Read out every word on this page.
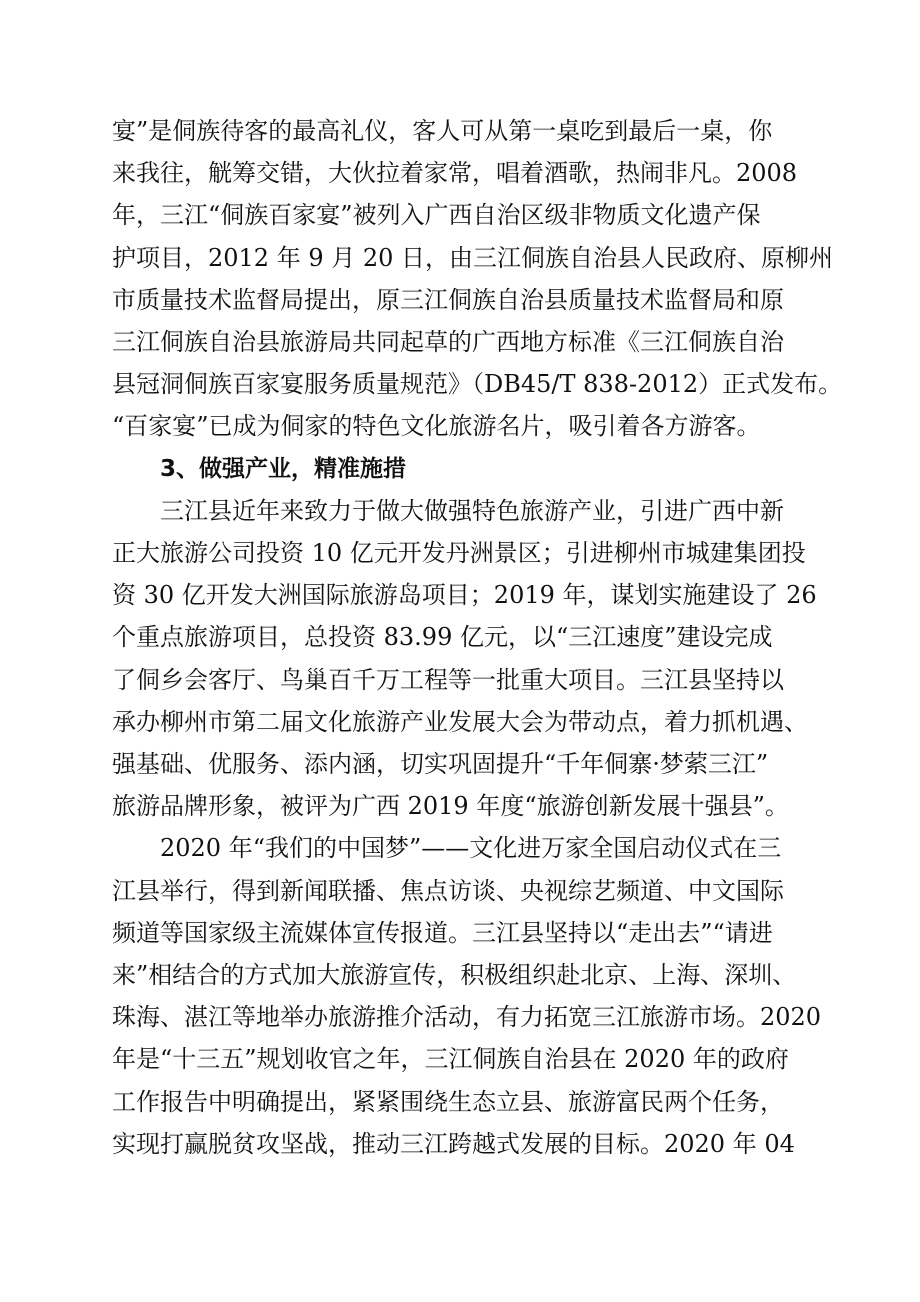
宴”是侗族待客的最高礼仪，客人可从第一桌吃到最后一桌，你

来我往，觥筹交错，大伙拉着家常，唱着酒歌，热闹非凡。2008

年，三江“侗族百家宴”被列入广西自治区级非物质文化遗产保

护项目，2012 年 9 月 20 日，由三江侗族自治县人民政府、原柳州

市质量技术监督局提出，原三江侗族自治县质量技术监督局和原

三江侗族自治县旅游局共同起草的广西地方标准《三江侗族自治

县冠洞侗族百家宴服务质量规范》（DB45/T 838-2012）正式发布。

“百家宴”已成为侗家的特色文化旅游名片，吸引着各方游客。

3、做强产业，精准施措

三江县近年来致力于做大做强特色旅游产业，引进广西中新

正大旅游公司投资 10 亿元开发丹洲景区；引进柳州市城建集团投

资 30 亿开发大洲国际旅游岛项目；2019 年，谋划实施建设了 26

个重点旅游项目，总投资 83.99 亿元，以“三江速度”建设完成

了侗乡会客厅、鸟巢百千万工程等一批重大项目。三江县坚持以

承办柳州市第二届文化旅游产业发展大会为带动点，着力抓机遇、

强基础、优服务、添内涵，切实巩固提升“千年侗寨·梦萦三江”

旅游品牌形象，被评为广西 2019 年度“旅游创新发展十强县”。

2020 年“我们的中国梦”——文化进万家全国启动仪式在三

江县举行，得到新闻联播、焦点访谈、央视综艺频道、中文国际

频道等国家级主流媒体宣传报道。三江县坚持以“走出去”“请进

来”相结合的方式加大旅游宣传，积极组织赴北京、上海、深圳、

珠海、湛江等地举办旅游推介活动，有力拓宽三江旅游市场。2020

年是“十三五”规划收官之年，三江侗族自治县在 2020 年的政府

工作报告中明确提出，紧紧围绕生态立县、旅游富民两个任务，

实现打赢脱贫攻坚战，推动三江跨越式发展的目标。2020 年 04
